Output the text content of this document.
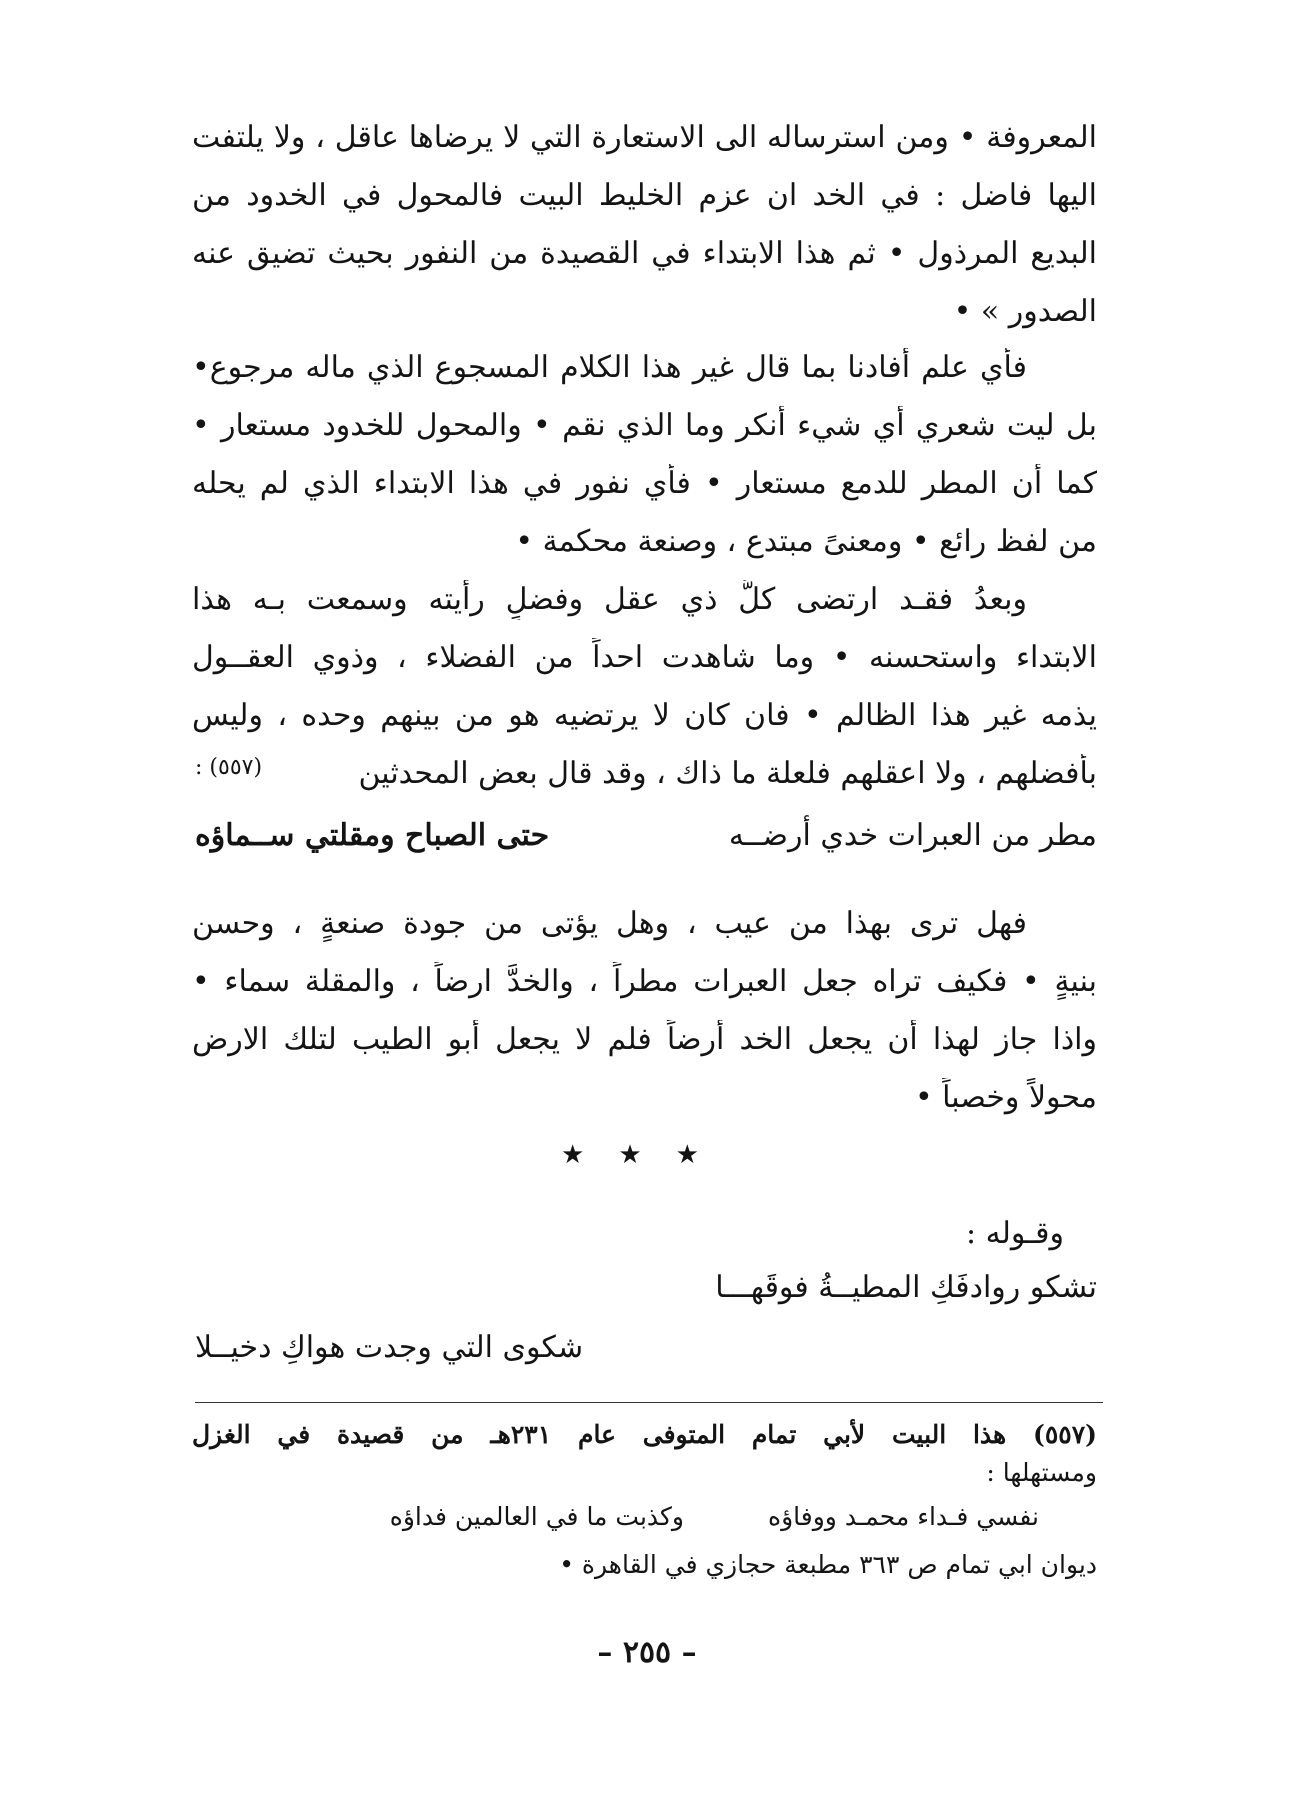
المعروفة • ومن استرساله الى الاستعارة التي لا يرضاها عاقل ، ولا يلتفت
اليها فاضل : في الخد ان عزم الخليط البيت فالمحول في الخدود من
البديع المرذول • ثم هذا الابتداء في القصيدة من النفور بحيث تضيق عنه
الصدور » •
فأي علم أفادنا بما قال غير هذا الكلام المسجوع الذي ماله مرجوع•
بل ليت شعري أي شيء أنكر وما الذي نقم • والمحول للخدود مستعار •
كما أن المطر للدمع مستعار • فأي نفور في هذا الابتداء الذي لم يحله
من لفظ رائع • ومعنىً مبتدع ، وصنعة محكمة •
وبعدُ فقـد ارتضى كلُّ ذي عقل وفضلٍ رأيته وسمعت بـه هذا
الابتداء واستحسنه • وما شاهدت احداً من الفضلاء ، وذوي العقــول
يذمه غير هذا الظالم • فان كان لا يرتضيه هو من بينهم وحده ، وليس
بأفضلهم ، ولا اعقلهم فلعلة ما ذاك ، وقد قال بعض المحدثين
(٥٥٧) :
مطر من العبرات خدي أرضــه
حتى الصباح ومقلتي ســماؤه
فهل ترى بهذا من عيب ، وهل يؤتى من جودة صنعةٍ ، وحسن
بنيةٍ • فكيف تراه جعل العبرات مطراً ، والخدَّ ارضاً ، والمقلة سماء •
واذا جاز لهذا أن يجعل الخد أرضاً فلم لا يجعل أبو الطيب لتلك الارض
محولاً وخصباً •
★★★
وقـوله :
تشكو روادفَكِ المطيــةُ فوقَهـــا
شكوى التي وجدت هواكِ دخيــلا
(٥٥٧) هذا البيت لأبي تمام المتوفى عام ٢٣١هـ من قصيدة في الغزل
ومستهلها :
نفسي فـداء محمـد ووفاؤه
وكذبت ما في العالمين فداؤه
ديوان ابي تمام ص ٣٦٣ مطبعة حجازي في القاهرة •
– ٢٥٥ –
